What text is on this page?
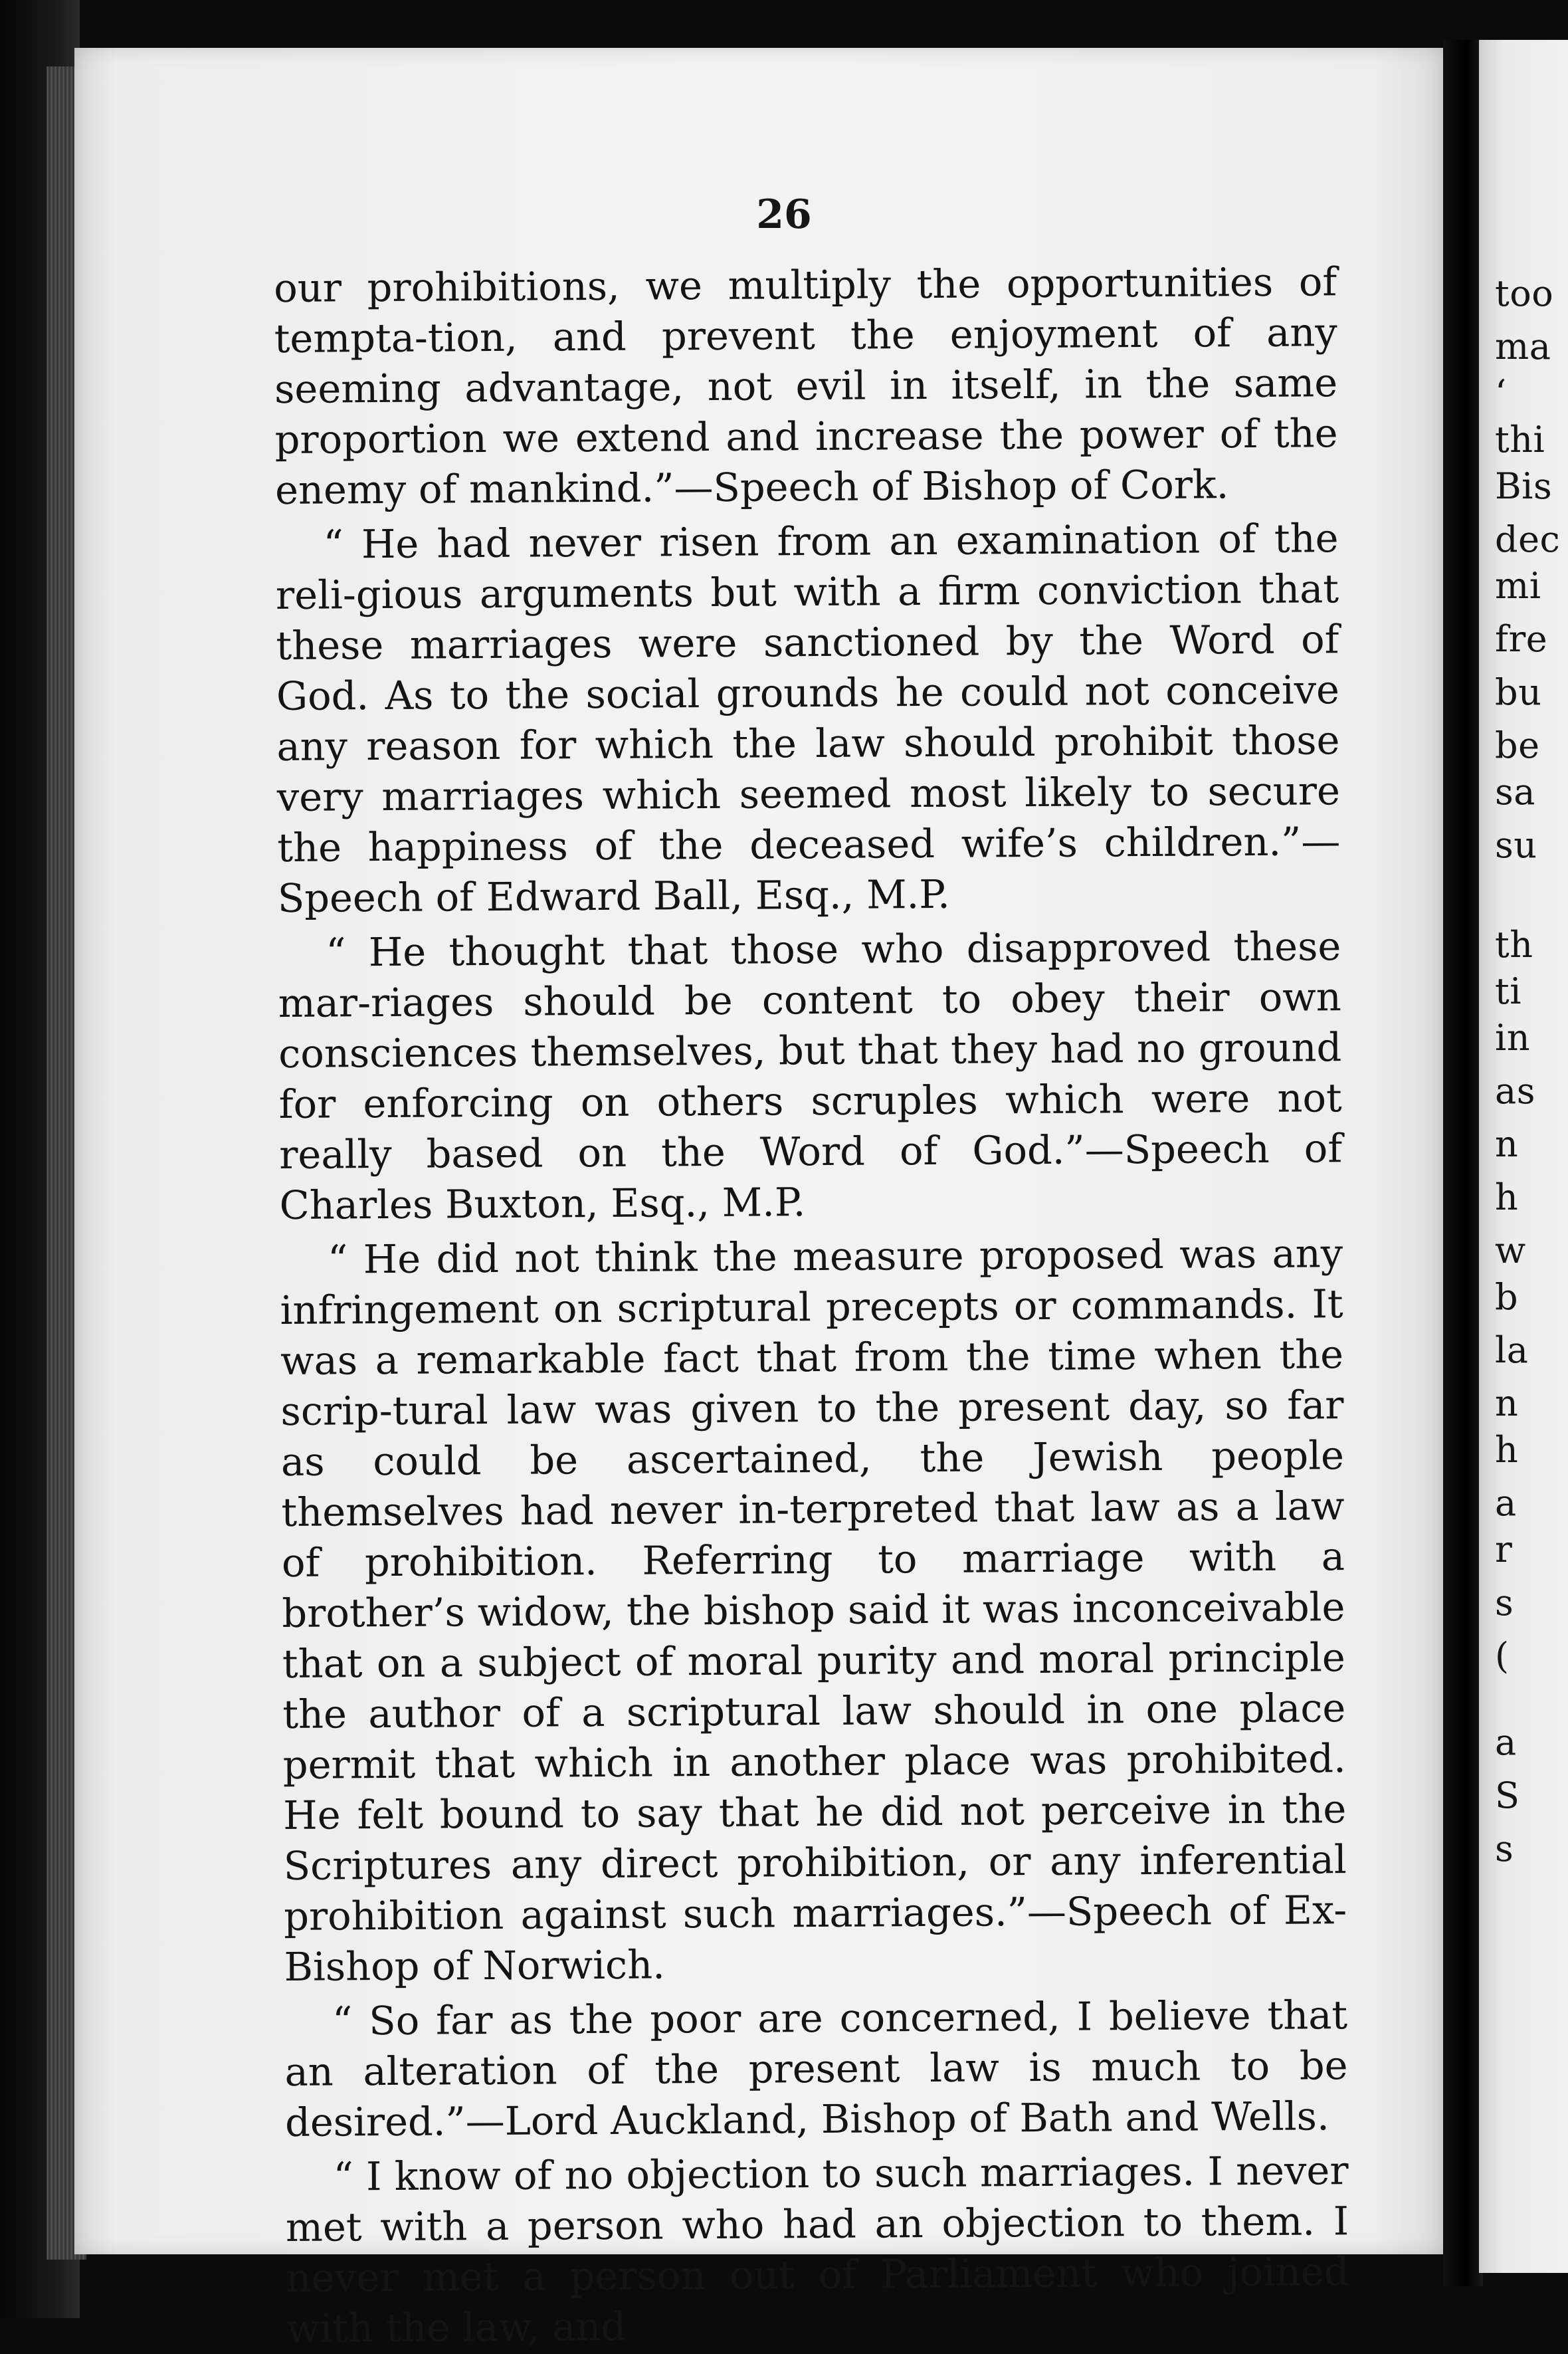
26

our prohibitions, we multiply the opportunities of tempta-tion, and prevent the enjoyment of any seeming advantage, not evil in itself, in the same proportion we extend and increase the power of the enemy of mankind.”—Speech of Bishop of Cork.

“ He had never risen from an examination of the reli-gious arguments but with a firm conviction that these marriages were sanctioned by the Word of God. As to the social grounds he could not conceive any reason for which the law should prohibit those very marriages which seemed most likely to secure the happiness of the deceased wife’s children.”—Speech of Edward Ball, Esq., M.P.

“ He thought that those who disapproved these mar-riages should be content to obey their own consciences themselves, but that they had no ground for enforcing on others scruples which were not really based on the Word of God.”—Speech of Charles Buxton, Esq., M.P.

“ He did not think the measure proposed was any infringement on scriptural precepts or commands. It was a remarkable fact that from the time when the scrip-tural law was given to the present day, so far as could be ascertained, the Jewish people themselves had never in-terpreted that law as a law of prohibition. Referring to marriage with a brother’s widow, the bishop said it was inconceivable that on a subject of moral purity and moral principle the author of a scriptural law should in one place permit that which in another place was prohibited. He felt bound to say that he did not perceive in the Scriptures any direct prohibition, or any inferential prohibition against such marriages.”—Speech of Ex-Bishop of Norwich.

“ So far as the poor are concerned, I believe that an alteration of the present law is much to be desired.”—Lord Auckland, Bishop of Bath and Wells.

“ I know of no objection to such marriages. I never met with a person who had an objection to them. I never met a person out of Parliament who joined with the law, and

too
ma
‘
thi
Bis
dec
mi
fre
bu
be
sa
su
th
ti
in
as
n
h
w
b
la
n
h
a
r
s
(
a
S
s
